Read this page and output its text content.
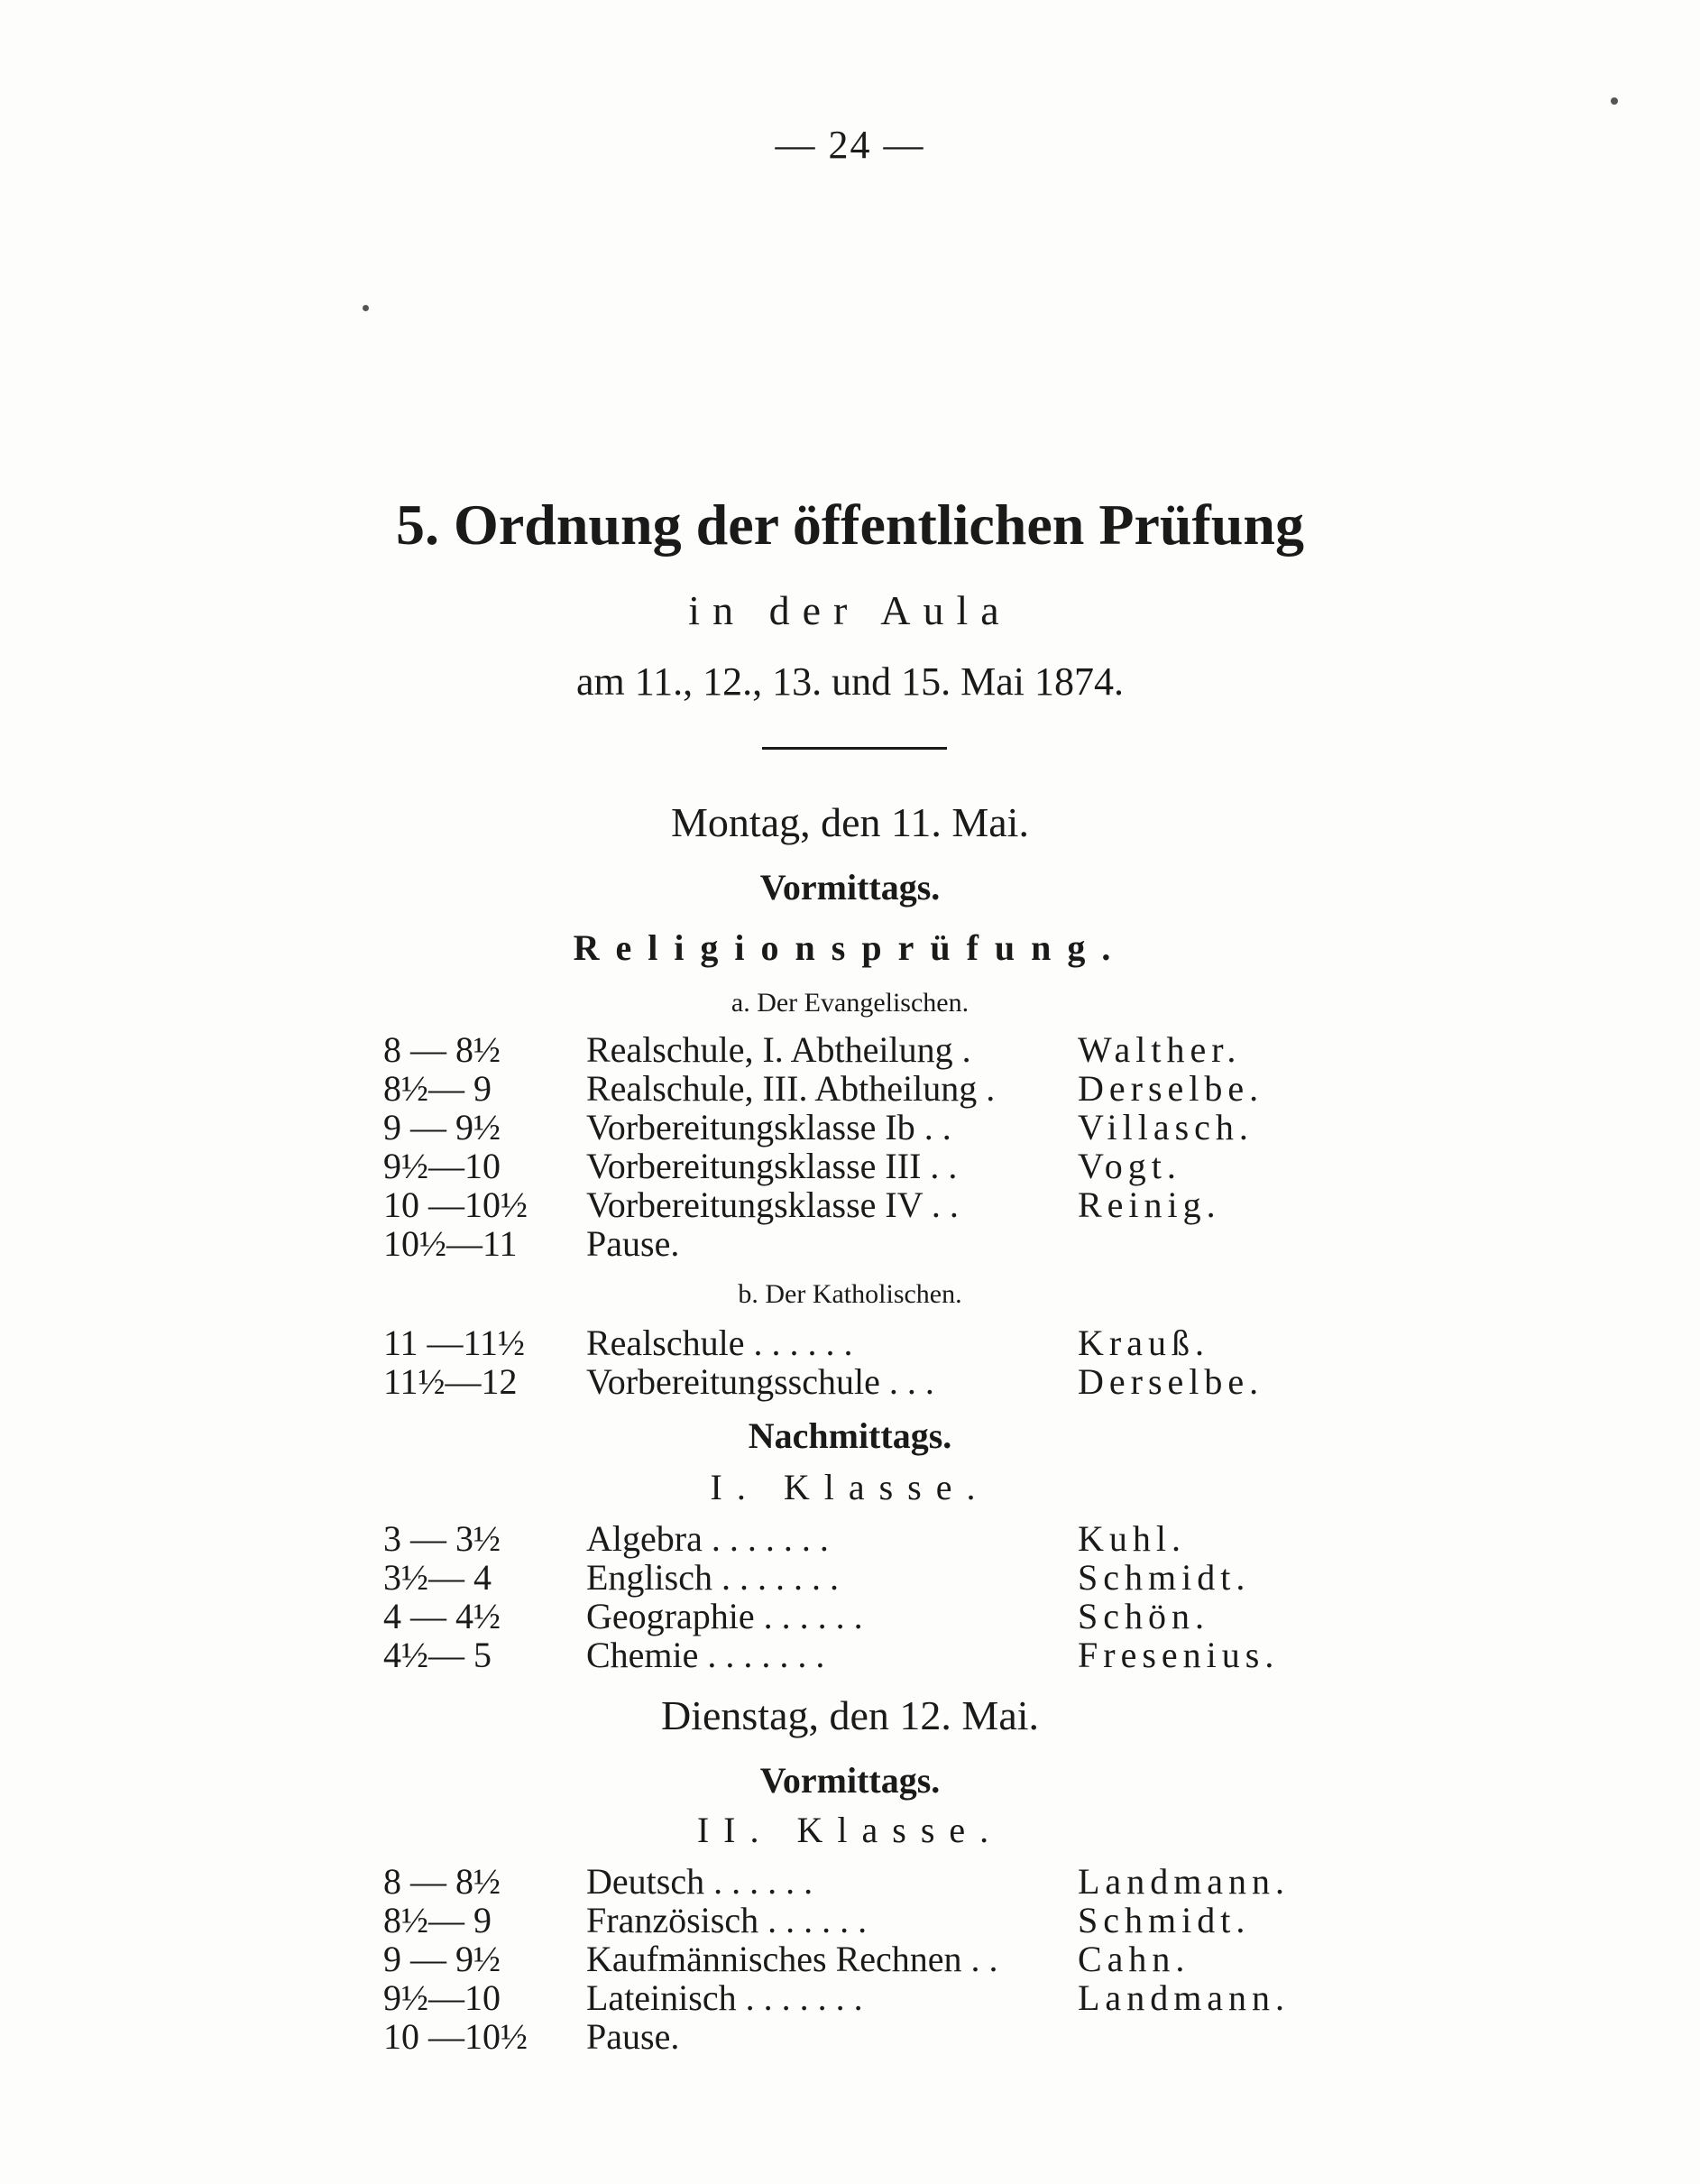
— 24 —
5. Ordnung der öffentlichen Prüfung
in der Aula
am 11., 12., 13. und 15. Mai 1874.
Montag, den 11. Mai.
Vormittags.
Religionsprüfung.
a. Der Evangelischen.
8 — 8½	Realschule, I. Abtheilung .	Walther.
8½— 9	Realschule, III. Abtheilung .	Derselbe.
9 — 9½	Vorbereitungsklasse Ib . .	Villasch.
9½—10	Vorbereitungsklasse III . .	Vogt.
10 —10½	Vorbereitungsklasse IV . .	Reinig.
10½—11	Pause.
b. Der Katholischen.
11 —11½	Realschule . . . . . .	Krauß.
11½—12	Vorbereitungsschule . . .	Derselbe.
Nachmittags.
I. Klasse.
3 — 3½	Algebra . . . . . . .	Kuhl.
3½— 4	Englisch . . . . . . .	Schmidt.
4 — 4½	Geographie . . . . . .	Schön.
4½— 5	Chemie . . . . . . .	Fresenius.
Dienstag, den 12. Mai.
Vormittags.
II. Klasse.
8 — 8½	Deutsch . . . . . .	Landmann.
8½— 9	Französisch . . . . . .	Schmidt.
9 — 9½	Kaufmännisches Rechnen . .	Cahn.
9½—10	Lateinisch . . . . . . .	Landmann.
10 —10½	Pause.
